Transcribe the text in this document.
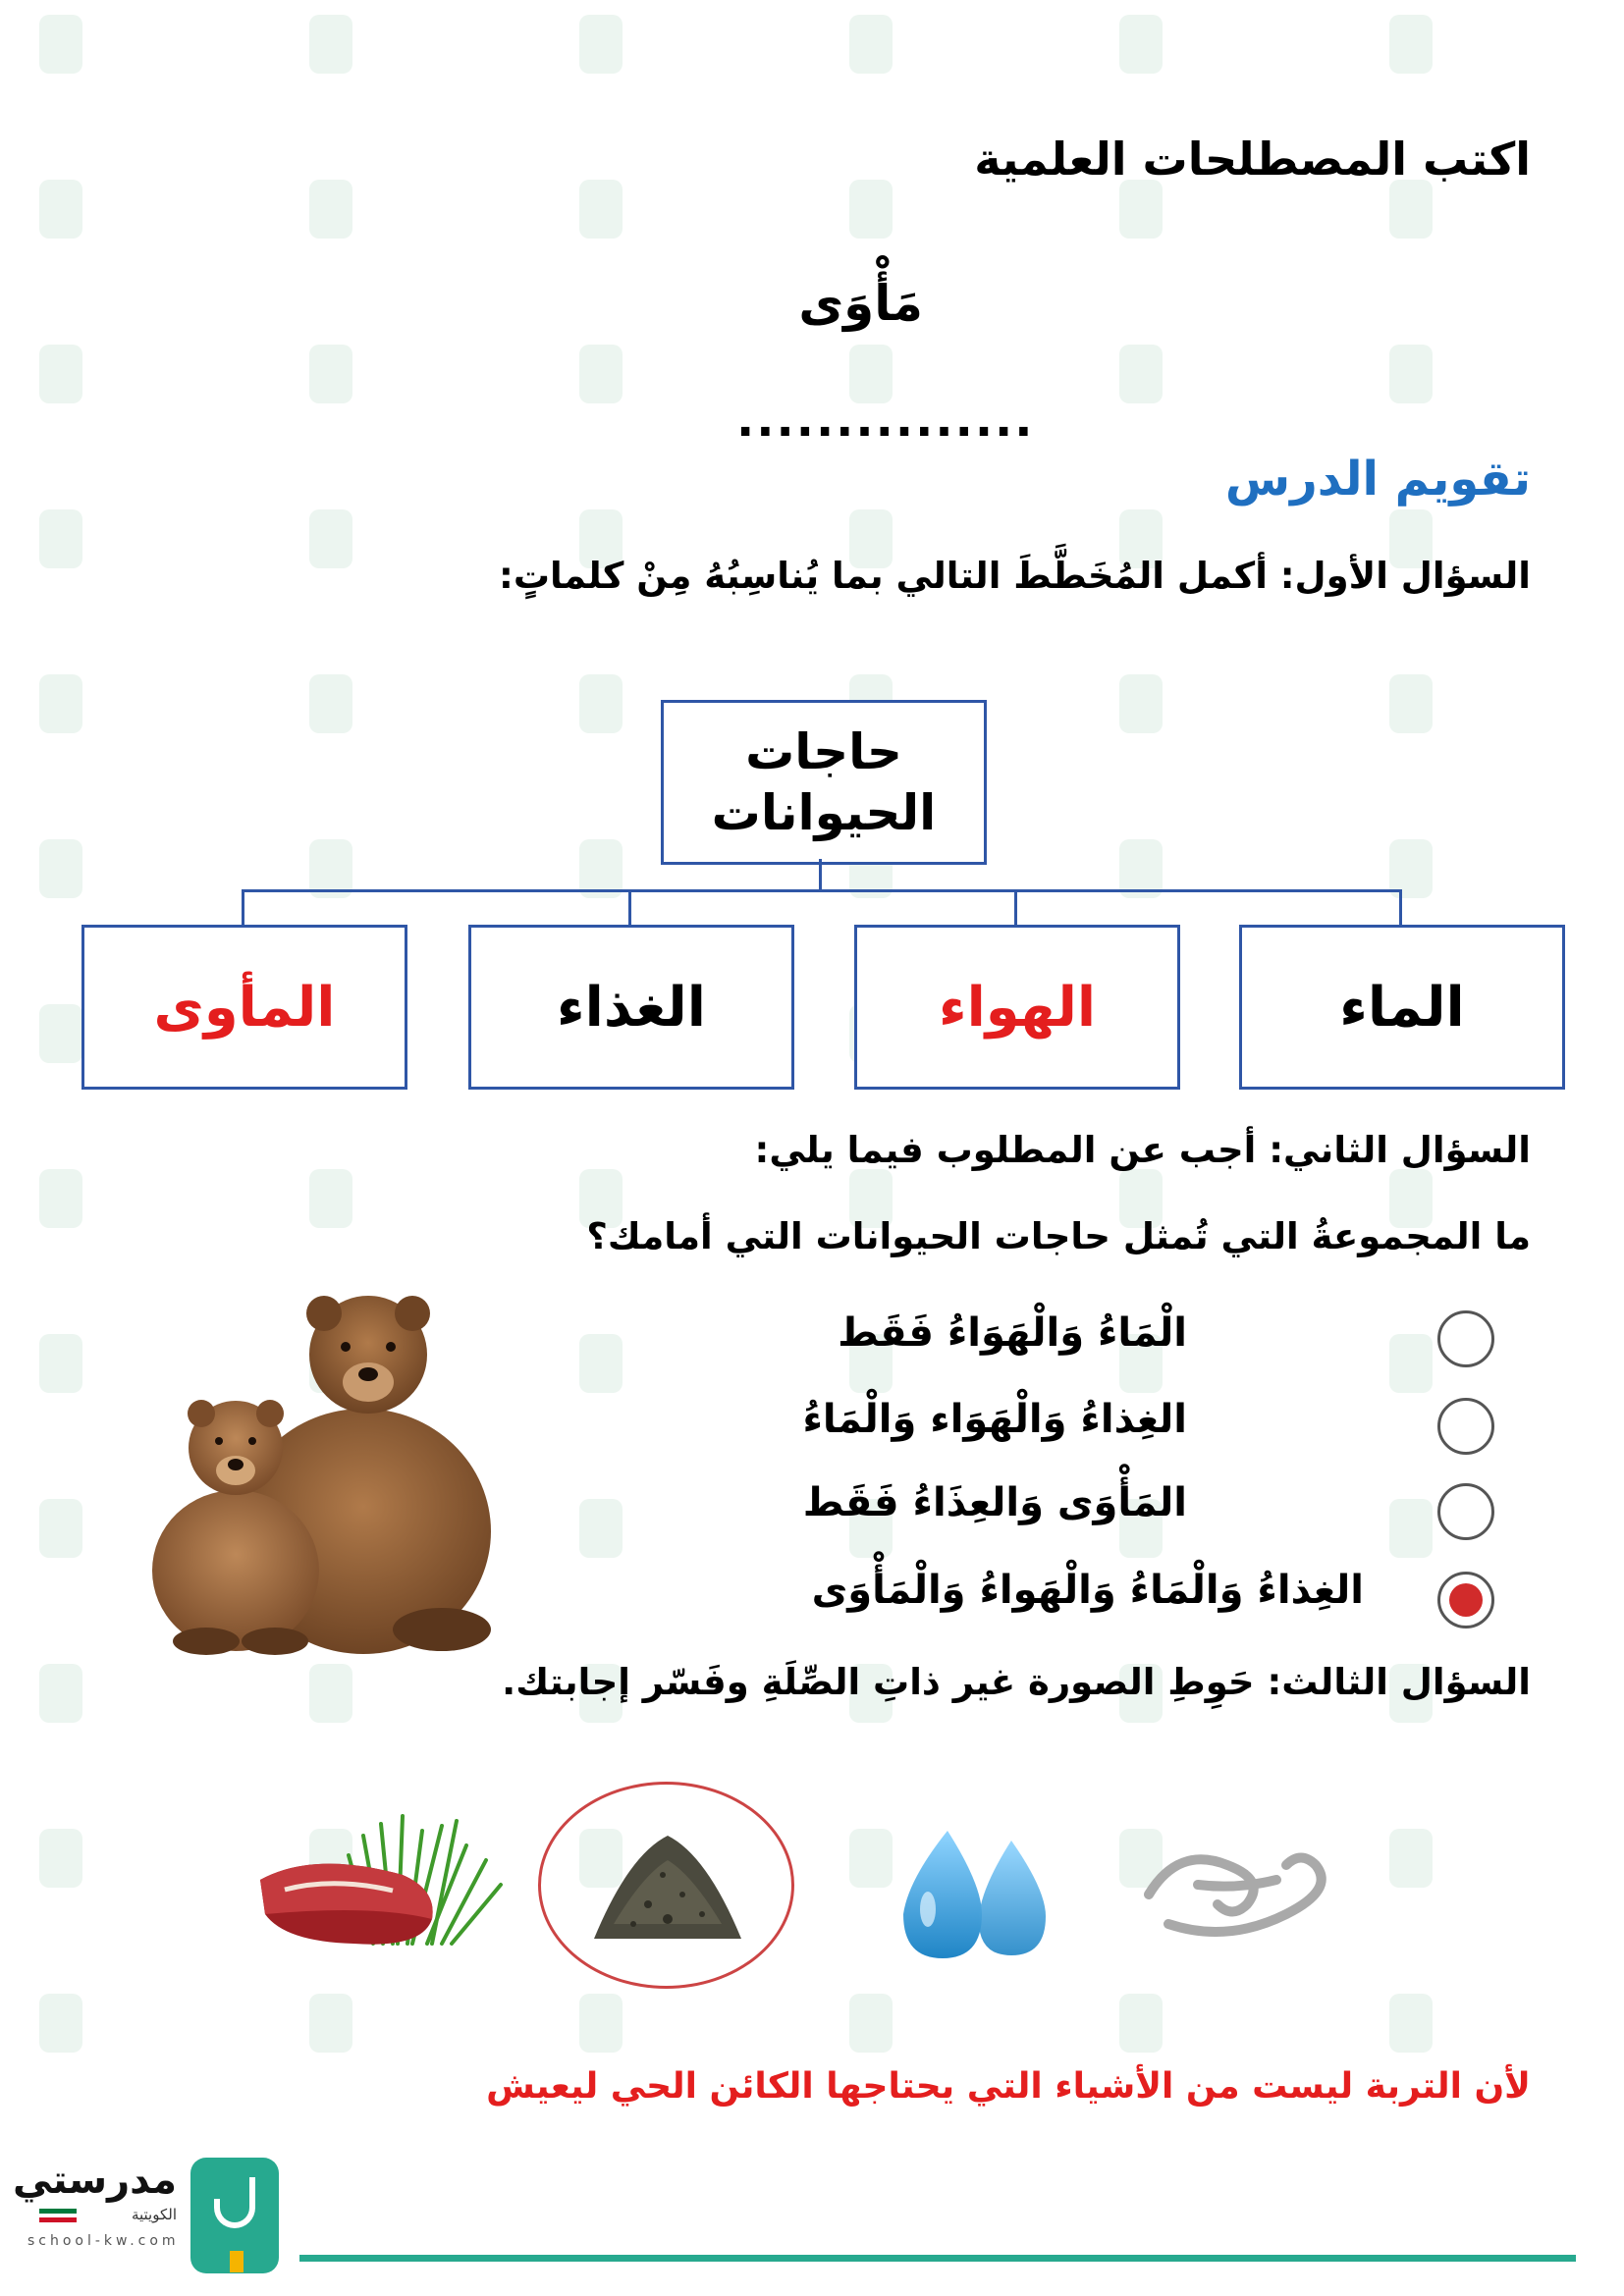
اكتب المصطلحات العلمية
مَأْوَى
...............
تقويم الدرس
السؤال الأول: أكمل المُخَطَّطَ التالي بما يُناسِبُهُ مِنْ كلماتٍ:
حاجات الحيوانات
الماء
الهواء
الغذاء
المأوى
السؤال الثاني: أجب عن المطلوب فيما يلي:
ما المجموعةُ التي تُمثل حاجات الحيوانات التي أمامك؟
الْمَاءُ وَالْهَوَاءُ فَقَط
الغِذاءُ وَالْهَوَاء وَالْمَاءُ
المَأْوَى وَالعِذَاءُ فَقَط
الغِذاءُ وَالْمَاءُ وَالْهَواءُ وَالْمَأْوَى
السؤال الثالث: حَوِطِ الصورة غير ذاتِ الصِّلَةِ وفَسّر إجابتك.
لأن التربة ليست من الأشياء التي يحتاجها الكائن الحي ليعيش
مدرستي
الكويتية
school-kw.com
